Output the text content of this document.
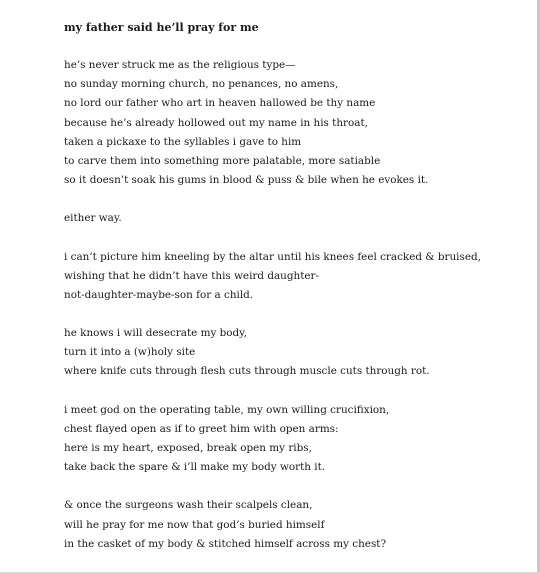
my father said he’ll pray for me
he’s never struck me as the religious type—
no sunday morning church, no penances, no amens,
no lord our father who art in heaven hallowed be thy name
because he’s already hollowed out my name in his throat,
taken a pickaxe to the syllables i gave to him
to carve them into something more palatable, more satiable
so it doesn’t soak his gums in blood & puss & bile when he evokes it.
either way.
i can’t picture him kneeling by the altar until his knees feel cracked & bruised,
wishing that he didn’t have this weird daughter-
not-daughter-maybe-son for a child.
he knows i will desecrate my body,
turn it into a (w)holy site
where knife cuts through flesh cuts through muscle cuts through rot.
i meet god on the operating table, my own willing crucifixion,
chest flayed open as if to greet him with open arms:
here is my heart, exposed, break open my ribs,
take back the spare & i’ll make my body worth it.
& once the surgeons wash their scalpels clean,
will he pray for me now that god’s buried himself
in the casket of my body & stitched himself across my chest?
